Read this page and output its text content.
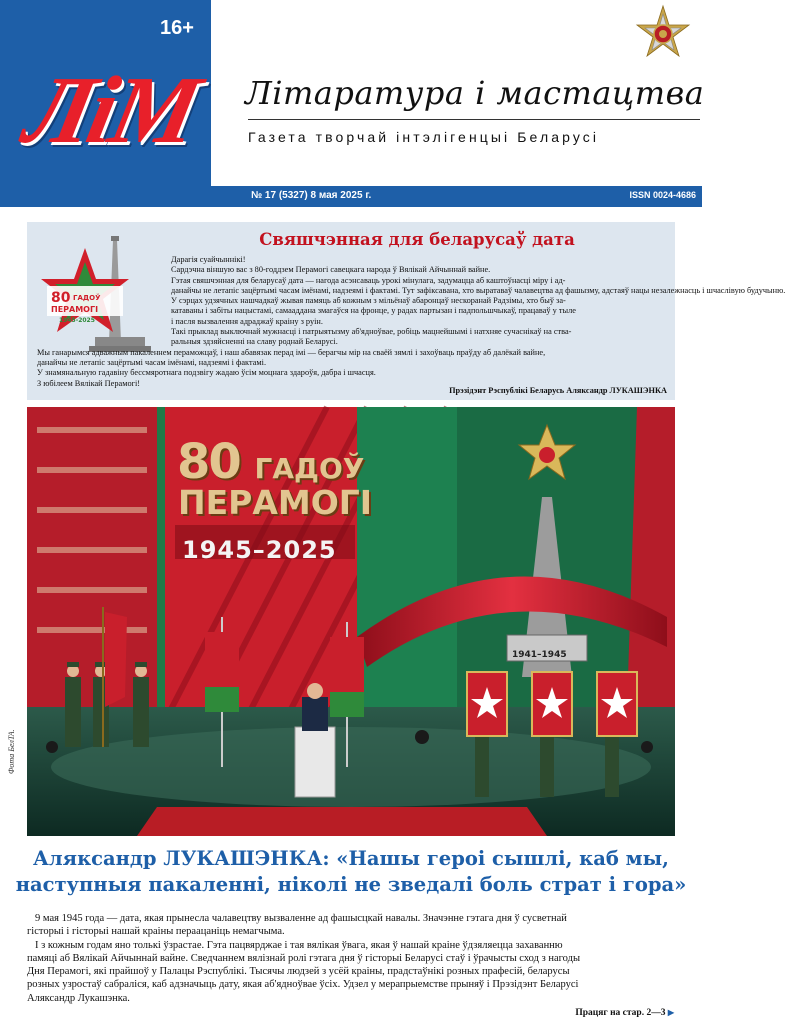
16+
ЛіМ Літаратура і мастацтва
Газета творчай інтэлігенцыі Беларусі
№ 17 (5327) 8 мая 2025 г.	ISSN 0024-4686
80 ГАДОЎ
ПЕРАМОГІ
1945-2025
Свяшчэнная для беларусаў дата

Дарагія суайчыннікі!

Сардэчна віншую вас з 80-годдзем Перамогі савецкага народа ў Вялікай Айчыннай вайне.

Гэтая свяшчэнная для беларусаў дата — нагода асэнсаваць урокі мінулага, задумацца аб каштоўнасці міру і ад-

данайчы не летапіс зацёртымі часам імёнамі, надзеямі і фактамі. Тут зафіксавана, хто выратаваў чалавецтва ад фашызму, адстаяў нацы незалежнасць і шчаслівую будучыню.

У сэрцах удзячных нашчадкаў жывая памяць аб кожным з мільёнаў абаронцаў нескоранай Радзімы, хто быў за-

катаваны і забіты нацыстамі, самааддана змагаўся на фронце, у радах партызан і падпольшчыкаў, працаваў у тыле

і пасля вызвалення адраджаў краіну з руін.

Такі прыклад выключнай мужнасці і патрыятызму аб'ядноўвае, робіць мацнейшымі і натхняе сучаснікаў на ства-

ральныя здзяйсненні на славу роднай Беларусі.

Мы ганарымся адважным пакаленнем пераможцаў, і наш абавязак перад імі — берагчы мір на сваёй зямлі і захоўваць праўду аб далёкай вайне,

данайчы не летапіс зацёртымі часам імёнамі, надзеямі і фактамі.

У знамянальную гадавіну бессмяротнага подзвігу жадаю ўсім моцнага здароўя, дабра і шчасця.

З юбілеем Вялікай Перамогі!

Прэзідэнт Рэспублікі Беларусь Аляксандр ЛУКАШЭНКА
80 ГАДОЎ
ПЕРАМОГІ
1945–2025
1941–1945
Фота БелТА.

Аляксандр ЛУКАШЭНКА: «Нашы героі сышлі, каб мы,

наступныя пакаленні, ніколі не зведалі боль страт і гора»

9 мая 1945 года — дата, якая прынесла чалавецтву вызваленне ад фашысцкай навалы. Значэнне гэтага дня ў сусветнай

гісторыі і гісторыі нашай краіны пераацаніць немагчыма.

І з кожным годам яно толькі ўзрастае. Гэта пацвярджае і тая вялікая ўвага, якая ў нашай краіне ўдзяляецца захаванню

памяці аб Вялікай Айчыннай вайне. Сведчаннем вялізнай ролі гэтага дня ў гісторыі Беларусі стаў і ўрачысты сход з нагоды

Дня Перамогі, які прайшоў у Палацы Рэспублікі. Тысячы людзей з усёй краіны, прадстаўнікі розных прафесій, беларусы

розных узростаў сабраліся, каб адзначыць дату, якая аб'ядноўвае ўсіх. Удзел у мерапрыемстве прыняў і Прэзідэнт Беларусі

Аляксандр Лукашэнка.

Працяг на стар. 2—3 ▶
